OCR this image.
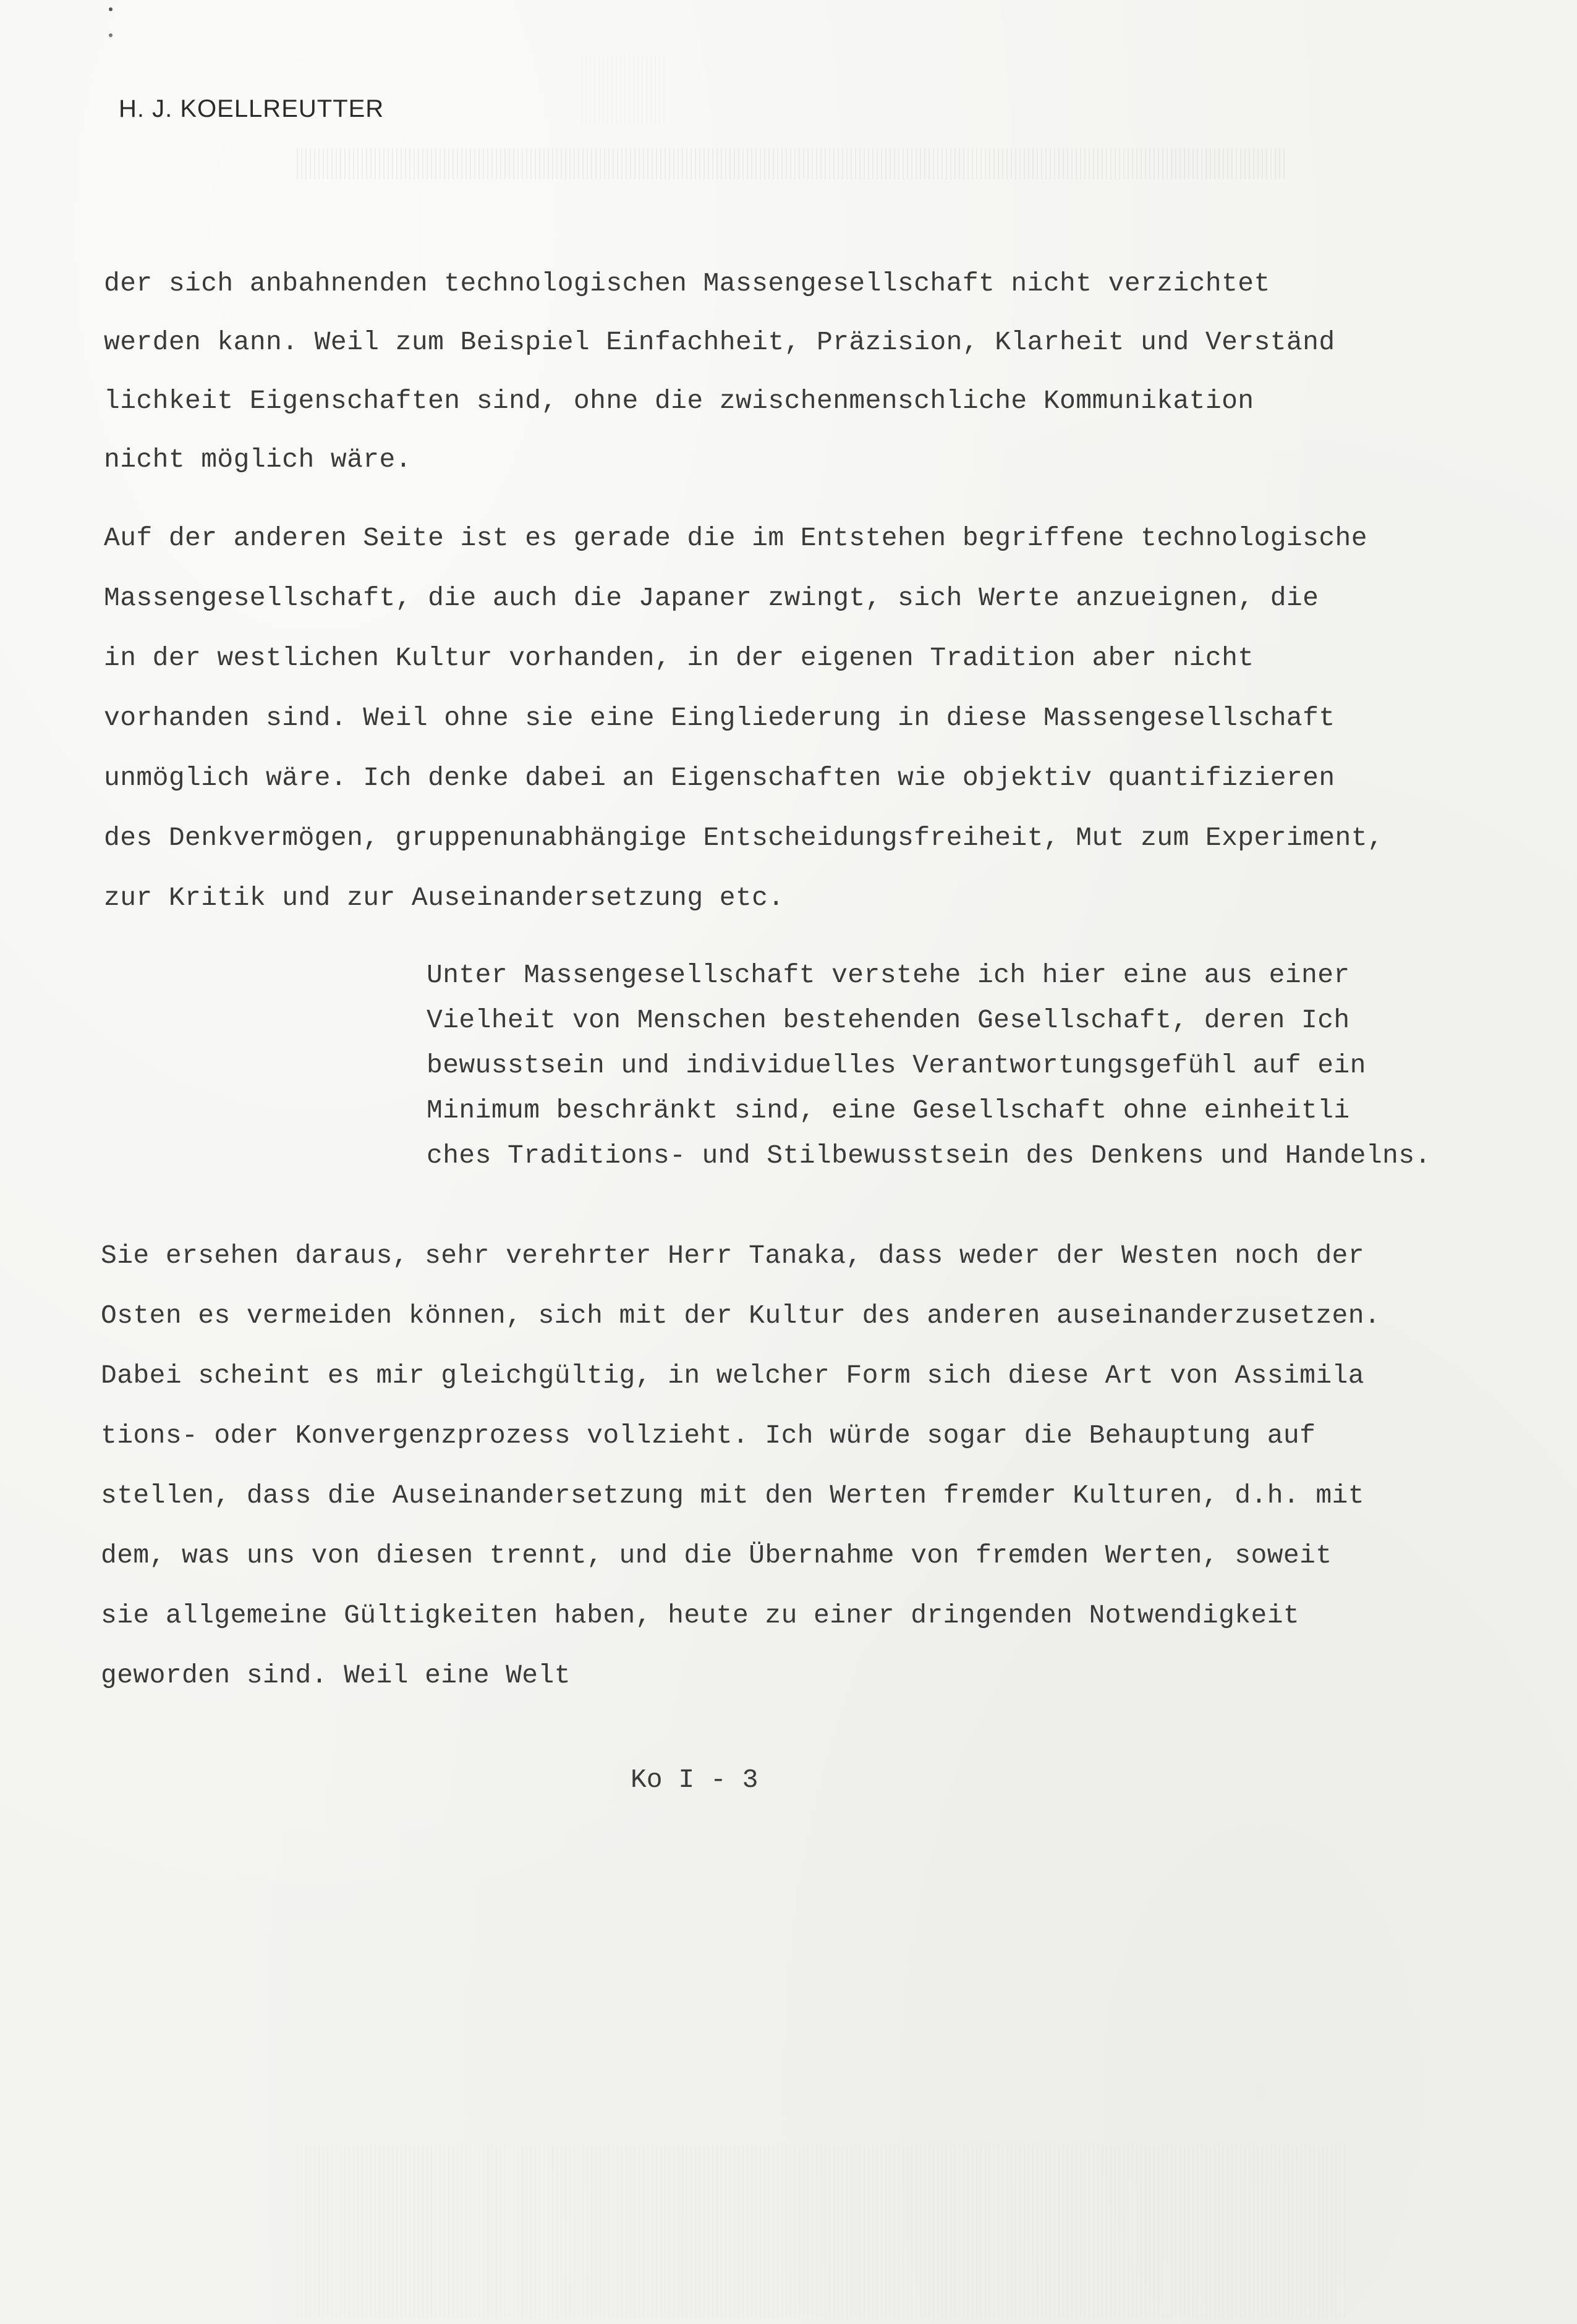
H. J. KOELLREUTTER
der sich anbahnenden technologischen Massengesellschaft nicht verzichtet
werden kann. Weil zum Beispiel Einfachheit, Präzision, Klarheit und Verständ
lichkeit Eigenschaften sind, ohne die zwischenmenschliche Kommunikation
nicht möglich wäre.
Auf der anderen Seite ist es gerade die im Entstehen begriffene technologische
Massengesellschaft, die auch die Japaner zwingt, sich Werte anzueignen, die
in der westlichen Kultur vorhanden, in der eigenen Tradition aber nicht
vorhanden sind. Weil ohne sie eine Eingliederung in diese Massengesellschaft
unmöglich wäre. Ich denke dabei an Eigenschaften wie objektiv quantifizieren
des Denkvermögen, gruppenunabhängige Entscheidungsfreiheit, Mut zum Experiment,
zur Kritik und zur Auseinandersetzung etc.
Unter Massengesellschaft verstehe ich hier eine aus einer
Vielheit von Menschen bestehenden Gesellschaft, deren Ich
bewusstsein und individuelles Verantwortungsgefühl auf ein
Minimum beschränkt sind, eine Gesellschaft ohne einheitli
ches Traditions- und Stilbewusstsein des Denkens und Handelns.
Sie ersehen daraus, sehr verehrter Herr Tanaka, dass weder der Westen noch der
Osten es vermeiden können, sich mit der Kultur des anderen auseinanderzusetzen.
Dabei scheint es mir gleichgültig, in welcher Form sich diese Art von Assimila
tions- oder Konvergenzprozess vollzieht. Ich würde sogar die Behauptung auf
stellen, dass die Auseinandersetzung mit den Werten fremder Kulturen, d.h. mit
dem, was uns von diesen trennt, und die Übernahme von fremden Werten, soweit
sie allgemeine Gültigkeiten haben, heute zu einer dringenden Notwendigkeit
geworden sind. Weil eine Welt
Ko I - 3
